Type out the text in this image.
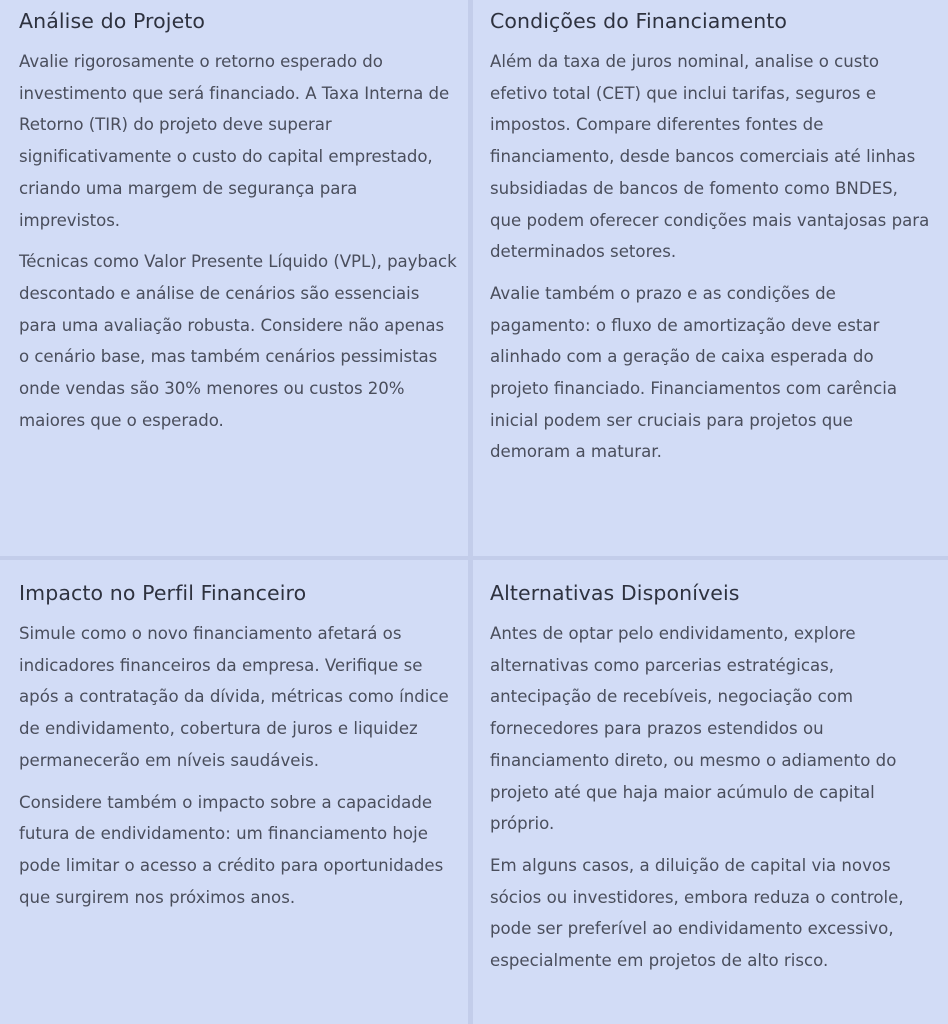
Análise do Projeto

Avalie rigorosamente o retorno esperado do investimento que será financiado. A Taxa Interna de Retorno (TIR) do projeto deve superar significativamente o custo do capital emprestado, criando uma margem de segurança para imprevistos.

Técnicas como Valor Presente Líquido (VPL), payback descontado e análise de cenários são essenciais para uma avaliação robusta. Considere não apenas o cenário base, mas também cenários pessimistas onde vendas são 30% menores ou custos 20% maiores que o esperado.

Condições do Financiamento

Além da taxa de juros nominal, analise o custo efetivo total (CET) que inclui tarifas, seguros e impostos. Compare diferentes fontes de financiamento, desde bancos comerciais até linhas subsidiadas de bancos de fomento como BNDES, que podem oferecer condições mais vantajosas para determinados setores.

Avalie também o prazo e as condições de pagamento: o fluxo de amortização deve estar alinhado com a geração de caixa esperada do projeto financiado. Financiamentos com carência inicial podem ser cruciais para projetos que demoram a maturar.

Impacto no Perfil Financeiro

Simule como o novo financiamento afetará os indicadores financeiros da empresa. Verifique se após a contratação da dívida, métricas como índice de endividamento, cobertura de juros e liquidez permanecerão em níveis saudáveis.

Considere também o impacto sobre a capacidade futura de endividamento: um financiamento hoje pode limitar o acesso a crédito para oportunidades que surgirem nos próximos anos.

Alternativas Disponíveis

Antes de optar pelo endividamento, explore alternativas como parcerias estratégicas, antecipação de recebíveis, negociação com fornecedores para prazos estendidos ou financiamento direto, ou mesmo o adiamento do projeto até que haja maior acúmulo de capital próprio.

Em alguns casos, a diluição de capital via novos sócios ou investidores, embora reduza o controle, pode ser preferível ao endividamento excessivo, especialmente em projetos de alto risco.
